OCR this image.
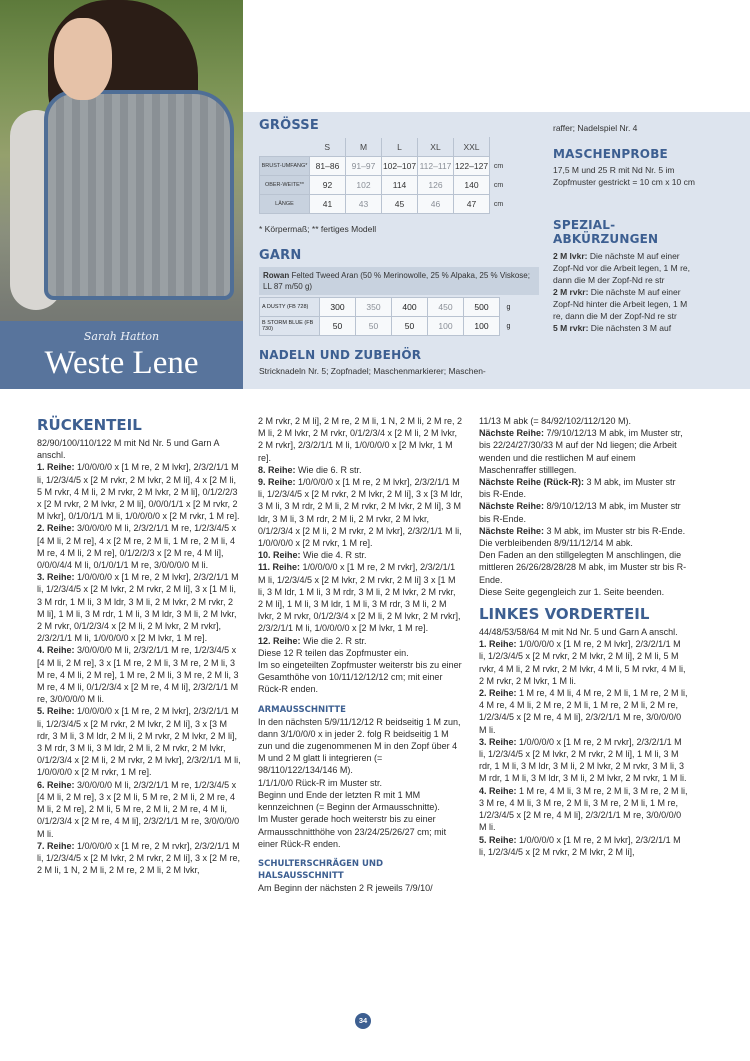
Sarah Hatton
Weste Lene
GRÖSSE
	S	M	L	XL	XXL	
BRUST-UMFANG*	81–86	91–97	102–107	112–117	122–127	cm
OBER-WEITE**	92	102	114	126	140	cm
LÄNGE	41	43	45	46	47	cm
* Körpermaß; ** fertiges Modell
GARN
Rowan Felted Tweed Aran (50 % Merinowolle, 25 % Alpaka, 25 % Viskose; LL 87 m/50 g)
A DUSTY (FB 728)	300	350	400	450	500	g
B STORM BLUE (FB 730)	50	50	50	100	100	g
NADELN UND ZUBEHÖR
Stricknadeln Nr. 5; Zopfnadel; Maschenmarkierer; Maschen-
raffer; Nadelspiel Nr. 4
MASCHENPROBE
17,5 M und 25 R mit Nd Nr. 5 im Zopfmuster gestrickt = 10 cm x 10 cm
SPEZIAL-
ABKÜRZUNGEN

2 M lvkr: Die nächste M auf einer Zopf-Nd vor die Arbeit legen, 1 M re, dann die M der Zopf-Nd re str

2 M rvkr: Die nächste M auf einer Zopf-Nd hinter die Arbeit legen, 1 M re, dann die M der Zopf-Nd re str

5 M rvkr: Die nächsten 3 M auf

RÜCKENTEIL

82/90/100/110/122 M mit Nd Nr. 5 und Garn A anschl.

1. Reihe: 1/0/0/0/0 x [1 M re, 2 M lvkr], 2/3/2/1/1 M li, 1/2/3/4/5 x [2 M rvkr, 2 M lvkr, 2 M li], 4 x [2 M li, 5 M rvkr, 4 M li, 2 M rvkr, 2 M lvkr, 2 M li], 0/1/2/2/3 x [2 M rvkr, 2 M lvkr, 2 M li], 0/0/0/1/1 x [2 M rvkr, 2 M lvkr], 0/1/0/1/1 M li, 1/0/0/0/0 x [2 M rvkr, 1 M re].

2. Reihe: 3/0/0/0/0 M li, 2/3/2/1/1 M re, 1/2/3/4/5 x [4 M li, 2 M re], 4 x [2 M re, 2 M li, 1 M re, 2 M li, 4 M re, 4 M li, 2 M re], 0/1/2/2/3 x [2 M re, 4 M li], 0/0/0/4/4 M li, 0/1/0/1/1 M re, 3/0/0/0/0 M li.

3. Reihe: 1/0/0/0/0 x [1 M re, 2 M lvkr], 2/3/2/1/1 M li, 1/2/3/4/5 x [2 M lvkr, 2 M rvkr, 2 M li], 3 x [1 M li, 3 M rdr, 1 M li, 3 M ldr, 3 M li, 2 M lvkr, 2 M rvkr, 2 M li], 1 M li, 3 M rdr, 1 M li, 3 M ldr, 3 M li, 2 M lvkr, 2 M rvkr, 0/1/2/3/4 x [2 M li, 2 M lvkr, 2 M rvkr], 2/3/2/1/1 M li, 1/0/0/0/0 x [2 M lvkr, 1 M re].

4. Reihe: 3/0/0/0/0 M li, 2/3/2/1/1 M re, 1/2/3/4/5 x [4 M li, 2 M re], 3 x [1 M re, 2 M li, 3 M re, 2 M li, 3 M re, 4 M li, 2 M re], 1 M re, 2 M li, 3 M re, 2 M li, 3 M re, 4 M li, 0/1/2/3/4 x [2 M re, 4 M li], 2/3/2/1/1 M re, 3/0/0/0/0 M li.

5. Reihe: 1/0/0/0/0 x [1 M re, 2 M lvkr], 2/3/2/1/1 M li, 1/2/3/4/5 x [2 M rvkr, 2 M lvkr, 2 M li], 3 x [3 M rdr, 3 M li, 3 M ldr, 2 M li, 2 M rvkr, 2 M lvkr, 2 M li], 3 M rdr, 3 M li, 3 M ldr, 2 M li, 2 M rvkr, 2 M lvkr, 0/1/2/3/4 x [2 M li, 2 M rvkr, 2 M lvkr], 2/3/2/1/1 M li, 1/0/0/0/0 x [2 M rvkr, 1 M re].

6. Reihe: 3/0/0/0/0 M li, 2/3/2/1/1 M re, 1/2/3/4/5 x [4 M li, 2 M re], 3 x [2 M li, 5 M re, 2 M li, 2 M re, 4 M li, 2 M re], 2 M li, 5 M re, 2 M li, 2 M re, 4 M li, 0/1/2/3/4 x [2 M re, 4 M li], 2/3/2/1/1 M re, 3/0/0/0/0 M li.

7. Reihe: 1/0/0/0/0 x [1 M re, 2 M rvkr], 2/3/2/1/1 M li, 1/2/3/4/5 x [2 M lvkr, 2 M rvkr, 2 M li], 3 x [2 M re, 2 M li, 1 N, 2 M li, 2 M re, 2 M li, 2 M lvkr,

2 M rvkr, 2 M li], 2 M re, 2 M li, 1 N, 2 M li, 2 M re, 2 M li, 2 M lvkr, 2 M rvkr, 0/1/2/3/4 x [2 M li, 2 M lvkr, 2 M rvkr], 2/3/2/1/1 M li, 1/0/0/0/0 x [2 M lvkr, 1 M re].

8. Reihe: Wie die 6. R str.

9. Reihe: 1/0/0/0/0 x [1 M re, 2 M lvkr], 2/3/2/1/1 M li, 1/2/3/4/5 x [2 M rvkr, 2 M lvkr, 2 M li], 3 x [3 M ldr, 3 M li, 3 M rdr, 2 M li, 2 M rvkr, 2 M lvkr, 2 M li], 3 M ldr, 3 M li, 3 M rdr, 2 M li, 2 M rvkr, 2 M lvkr, 0/1/2/3/4 x [2 M li, 2 M rvkr, 2 M lvkr], 2/3/2/1/1 M li, 1/0/0/0/0 x [2 M rvkr, 1 M re].

10. Reihe: Wie die 4. R str.

11. Reihe: 1/0/0/0/0 x [1 M re, 2 M rvkr], 2/3/2/1/1 M li, 1/2/3/4/5 x [2 M lvkr, 2 M rvkr, 2 M li] 3 x [1 M li, 3 M ldr, 1 M li, 3 M rdr, 3 M li, 2 M lvkr, 2 M rvkr, 2 M li], 1 M li, 3 M ldr, 1 M li, 3 M rdr, 3 M li, 2 M lvkr, 2 M rvkr, 0/1/2/3/4 x [2 M li, 2 M lvkr, 2 M rvkr], 2/3/2/1/1 M li, 1/0/0/0/0 x [2 M lvkr, 1 M re].

12. Reihe: Wie die 2. R str.

Diese 12 R teilen das Zopfmuster ein.

Im so eingeteilten Zopfmuster weiterstr bis zu einer Gesamthöhe von 10/11/12/12/12 cm; mit einer Rück-R enden.

ARMAUSSCHNITTE

In den nächsten 5/9/11/12/12 R beidseitig 1 M zun, dann 3/1/0/0/0 x in jeder 2. folg R beidseitig 1 M zun und die zugenommenen M in den Zopf über 4 M und 2 M glatt li integrieren (= 98/110/122/134/146 M).

1/1/1/0/0 Rück-R im Muster str.

Beginn und Ende der letzten R mit 1 MM kennzeichnen (= Beginn der Armausschnitte).

Im Muster gerade hoch weiterstr bis zu einer Armausschnitthöhe von 23/24/25/26/27 cm; mit einer Rück-R enden.

SCHULTERSCHRÄGEN UND HALSAUSSCHNITT

Am Beginn der nächsten 2 R jeweils 7/9/10/

11/13 M abk (= 84/92/102/112/120 M).

Nächste Reihe: 7/9/10/12/13 M abk, im Muster str, bis 22/24/27/30/33 M auf der Nd liegen; die Arbeit wenden und die restlichen M auf einem Maschenraffer stilllegen.

Nächste Reihe (Rück-R): 3 M abk, im Muster str bis R-Ende.

Nächste Reihe: 8/9/10/12/13 M abk, im Muster str bis R-Ende.

Nächste Reihe: 3 M abk, im Muster str bis R-Ende.

Die verbleibenden 8/9/11/12/14 M abk.

Den Faden an den stillgelegten M anschlingen, die mittleren 26/26/28/28/28 M abk, im Muster str bis R-Ende.

Diese Seite gegengleich zur 1. Seite beenden.

LINKES VORDERTEIL

44/48/53/58/64 M mit Nd Nr. 5 und Garn A anschl.

1. Reihe: 1/0/0/0/0 x [1 M re, 2 M lvkr], 2/3/2/1/1 M li, 1/2/3/4/5 x [2 M rvkr, 2 M lvkr, 2 M li], 2 M li, 5 M rvkr, 4 M li, 2 M rvkr, 2 M lvkr, 4 M li, 5 M rvkr, 4 M li, 2 M rvkr, 2 M lvkr, 1 M li.

2. Reihe: 1 M re, 4 M li, 4 M re, 2 M li, 1 M re, 2 M li, 4 M re, 4 M li, 2 M re, 2 M li, 1 M re, 2 M li, 2 M re, 1/2/3/4/5 x [2 M re, 4 M li], 2/3/2/1/1 M re, 3/0/0/0/0 M li.

3. Reihe: 1/0/0/0/0 x [1 M re, 2 M rvkr], 2/3/2/1/1 M li, 1/2/3/4/5 x [2 M lvkr, 2 M rvkr, 2 M li], 1 M li, 3 M rdr, 1 M li, 3 M ldr, 3 M li, 2 M lvkr, 2 M rvkr, 3 M li, 3 M rdr, 1 M li, 3 M ldr, 3 M li, 2 M lvkr, 2 M rvkr, 1 M li.

4. Reihe: 1 M re, 4 M li, 3 M re, 2 M li, 3 M re, 2 M li, 3 M re, 4 M li, 3 M re, 2 M li, 3 M re, 2 M li, 1 M re, 1/2/3/4/5 x [2 M re, 4 M li], 2/3/2/1/1 M re, 3/0/0/0/0 M li.

5. Reihe: 1/0/0/0/0 x [1 M re, 2 M lvkr], 2/3/2/1/1 M li, 1/2/3/4/5 x [2 M rvkr, 2 M lvkr, 2 M li],

34
